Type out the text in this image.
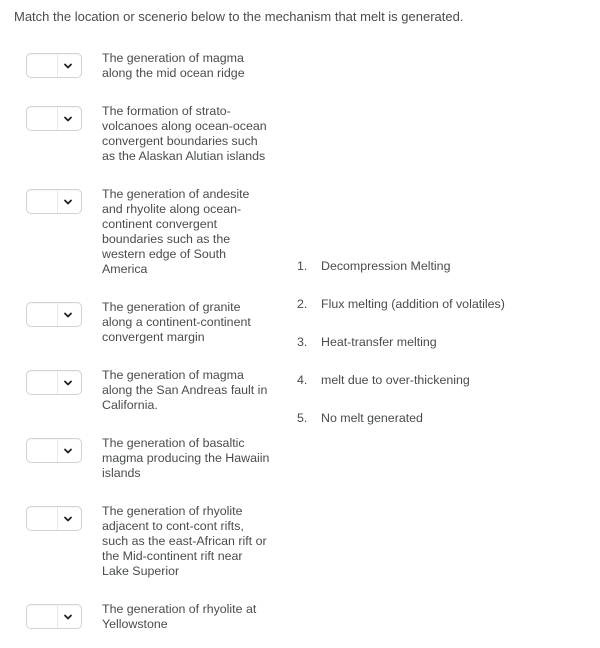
Match the location or scenerio below to the mechanism that melt is generated.
The generation of magma
along the mid ocean ridge
The formation of strato-
volcanoes along ocean-ocean
convergent boundaries such
as the Alaskan Alutian islands
The generation of andesite
and rhyolite along ocean-
continent convergent
boundaries such as the
western edge of South
America
The generation of granite
along a continent-continent
convergent margin
The generation of magma
along the San Andreas fault in
California.
The generation of basaltic
magma producing the Hawaiin
islands
The generation of rhyolite
adjacent to cont-cont rifts,
such as the east-African rift or
the Mid-continent rift near
Lake Superior
The generation of rhyolite at
Yellowstone
1. Decompression Melting
2. Flux melting (addition of volatiles)
3. Heat-transfer melting
4. melt due to over-thickening
5. No melt generated
